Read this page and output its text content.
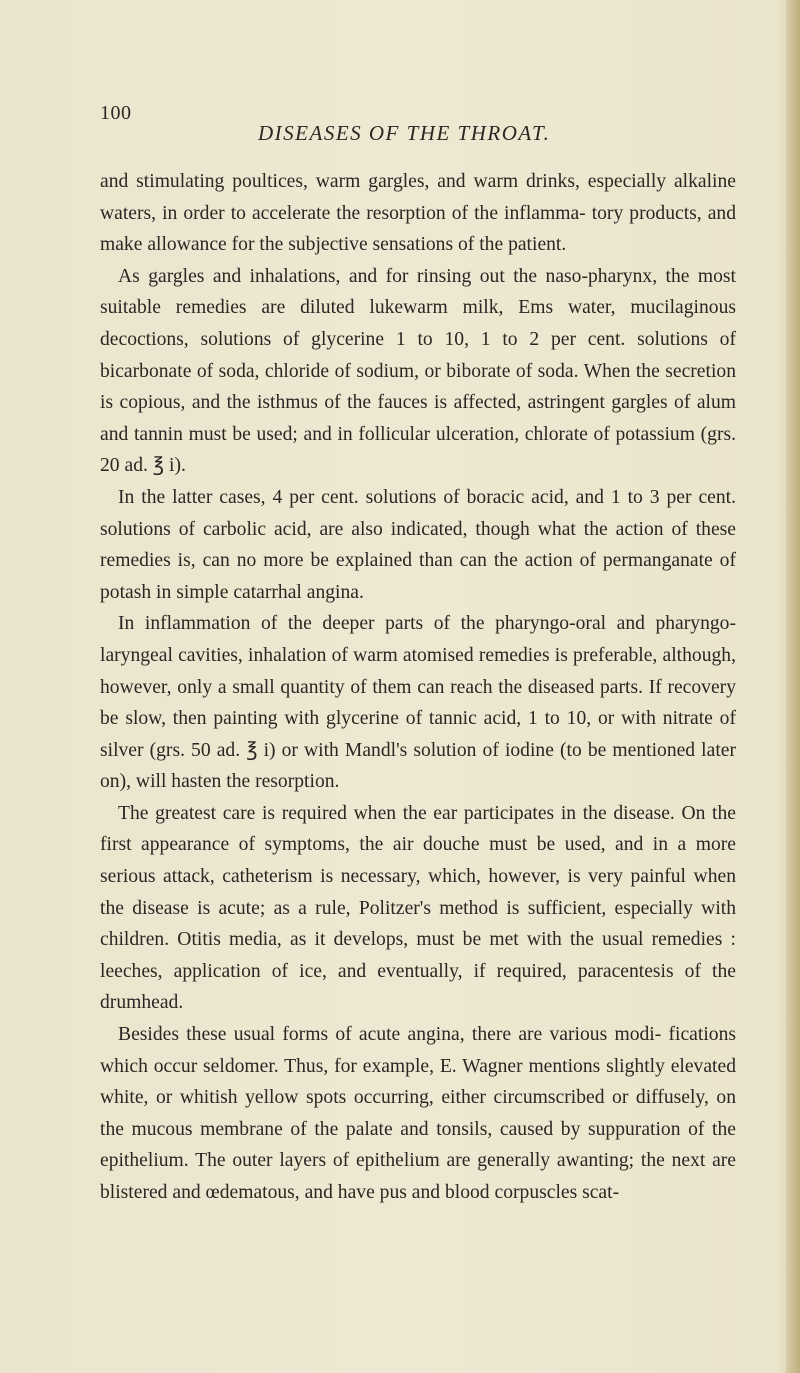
100
DISEASES OF THE THROAT.

and stimulating poultices, warm gargles, and warm drinks, especially alkaline waters, in order to accelerate the resorption of the inflamma- tory products, and make allowance for the subjective sensations of the patient.

As gargles and inhalations, and for rinsing out the naso-pharynx, the most suitable remedies are diluted lukewarm milk, Ems water, mucilaginous decoctions, solutions of glycerine 1 to 10, 1 to 2 per cent. solutions of bicarbonate of soda, chloride of sodium, or biborate of soda. When the secretion is copious, and the isthmus of the fauces is affected, astringent gargles of alum and tannin must be used; and in follicular ulceration, chlorate of potassium (grs. 20 ad. ℥ i).

In the latter cases, 4 per cent. solutions of boracic acid, and 1 to 3 per cent. solutions of carbolic acid, are also indicated, though what the action of these remedies is, can no more be explained than can the action of permanganate of potash in simple catarrhal angina.

In inflammation of the deeper parts of the pharyngo-oral and pharyngo-laryngeal cavities, inhalation of warm atomised remedies is preferable, although, however, only a small quantity of them can reach the diseased parts. If recovery be slow, then painting with glycerine of tannic acid, 1 to 10, or with nitrate of silver (grs. 50 ad. ℥ i) or with Mandl's solution of iodine (to be mentioned later on), will hasten the resorption.

The greatest care is required when the ear participates in the disease. On the first appearance of symptoms, the air douche must be used, and in a more serious attack, catheterism is necessary, which, however, is very painful when the disease is acute; as a rule, Politzer's method is sufficient, especially with children. Otitis media, as it develops, must be met with the usual remedies : leeches, application of ice, and eventually, if required, paracentesis of the drumhead.

Besides these usual forms of acute angina, there are various modi- fications which occur seldomer. Thus, for example, E. Wagner mentions slightly elevated white, or whitish yellow spots occurring, either circumscribed or diffusely, on the mucous membrane of the palate and tonsils, caused by suppuration of the epithelium. The outer layers of epithelium are generally awanting; the next are blistered and œdematous, and have pus and blood corpuscles scat-
